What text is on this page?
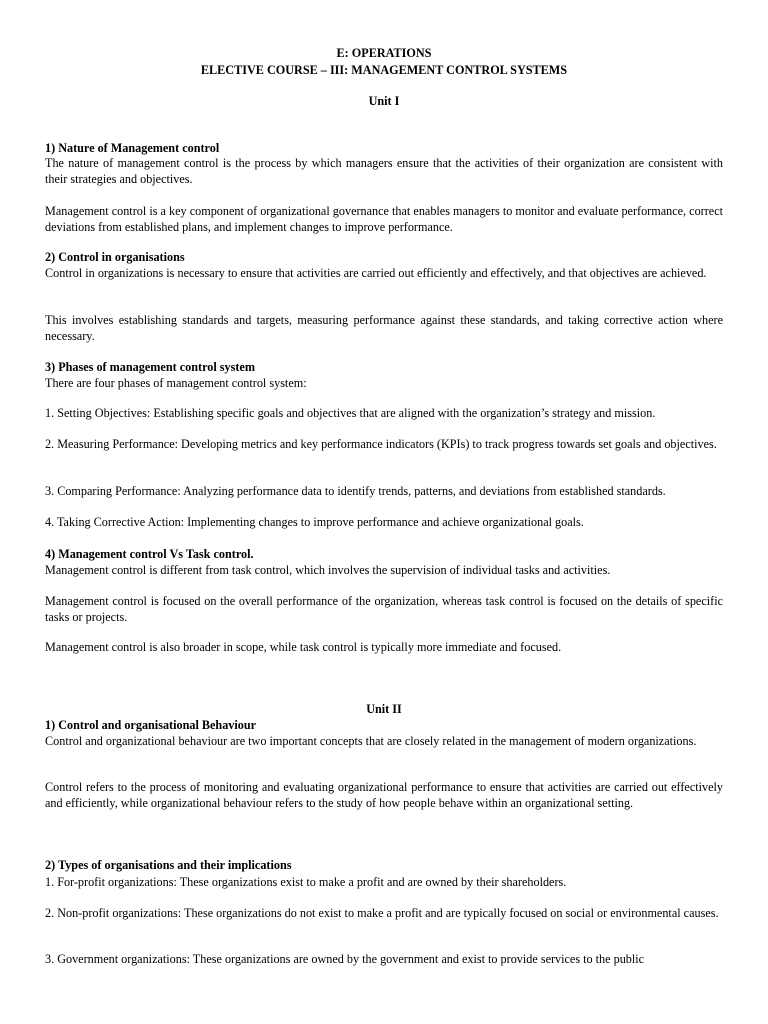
E: OPERATIONS
ELECTIVE COURSE – III: MANAGEMENT CONTROL SYSTEMS
Unit I
1) Nature of Management control
The nature of management control is the process by which managers ensure that the activities of their organization are consistent with their strategies and objectives.
Management control is a key component of organizational governance that enables managers to monitor and evaluate performance, correct deviations from established plans, and implement changes to improve performance.
2) Control in organisations
Control in organizations is necessary to ensure that activities are carried out efficiently and effectively, and that objectives are achieved.
This involves establishing standards and targets, measuring performance against these standards, and taking corrective action where necessary.
3) Phases of management control system
There are four phases of management control system:
1. Setting Objectives: Establishing specific goals and objectives that are aligned with the organization’s strategy and mission.
2. Measuring Performance: Developing metrics and key performance indicators (KPIs) to track progress towards set goals and objectives.
3. Comparing Performance: Analyzing performance data to identify trends, patterns, and deviations from established standards.
4. Taking Corrective Action: Implementing changes to improve performance and achieve organizational goals.
4) Management control Vs Task control.
Management control is different from task control, which involves the supervision of individual tasks and activities.
Management control is focused on the overall performance of the organization, whereas task control is focused on the details of specific tasks or projects.
Management control is also broader in scope, while task control is typically more immediate and focused.
Unit II
1) Control and organisational Behaviour
Control and organizational behaviour are two important concepts that are closely related in the management of modern organizations.
Control refers to the process of monitoring and evaluating organizational performance to ensure that activities are carried out effectively and efficiently, while organizational behaviour refers to the study of how people behave within an organizational setting.
2) Types of organisations and their implications
1. For-profit organizations: These organizations exist to make a profit and are owned by their shareholders.
2. Non-profit organizations: These organizations do not exist to make a profit and are typically focused on social or environmental causes.
3. Government organizations: These organizations are owned by the government and exist to provide services to the public
